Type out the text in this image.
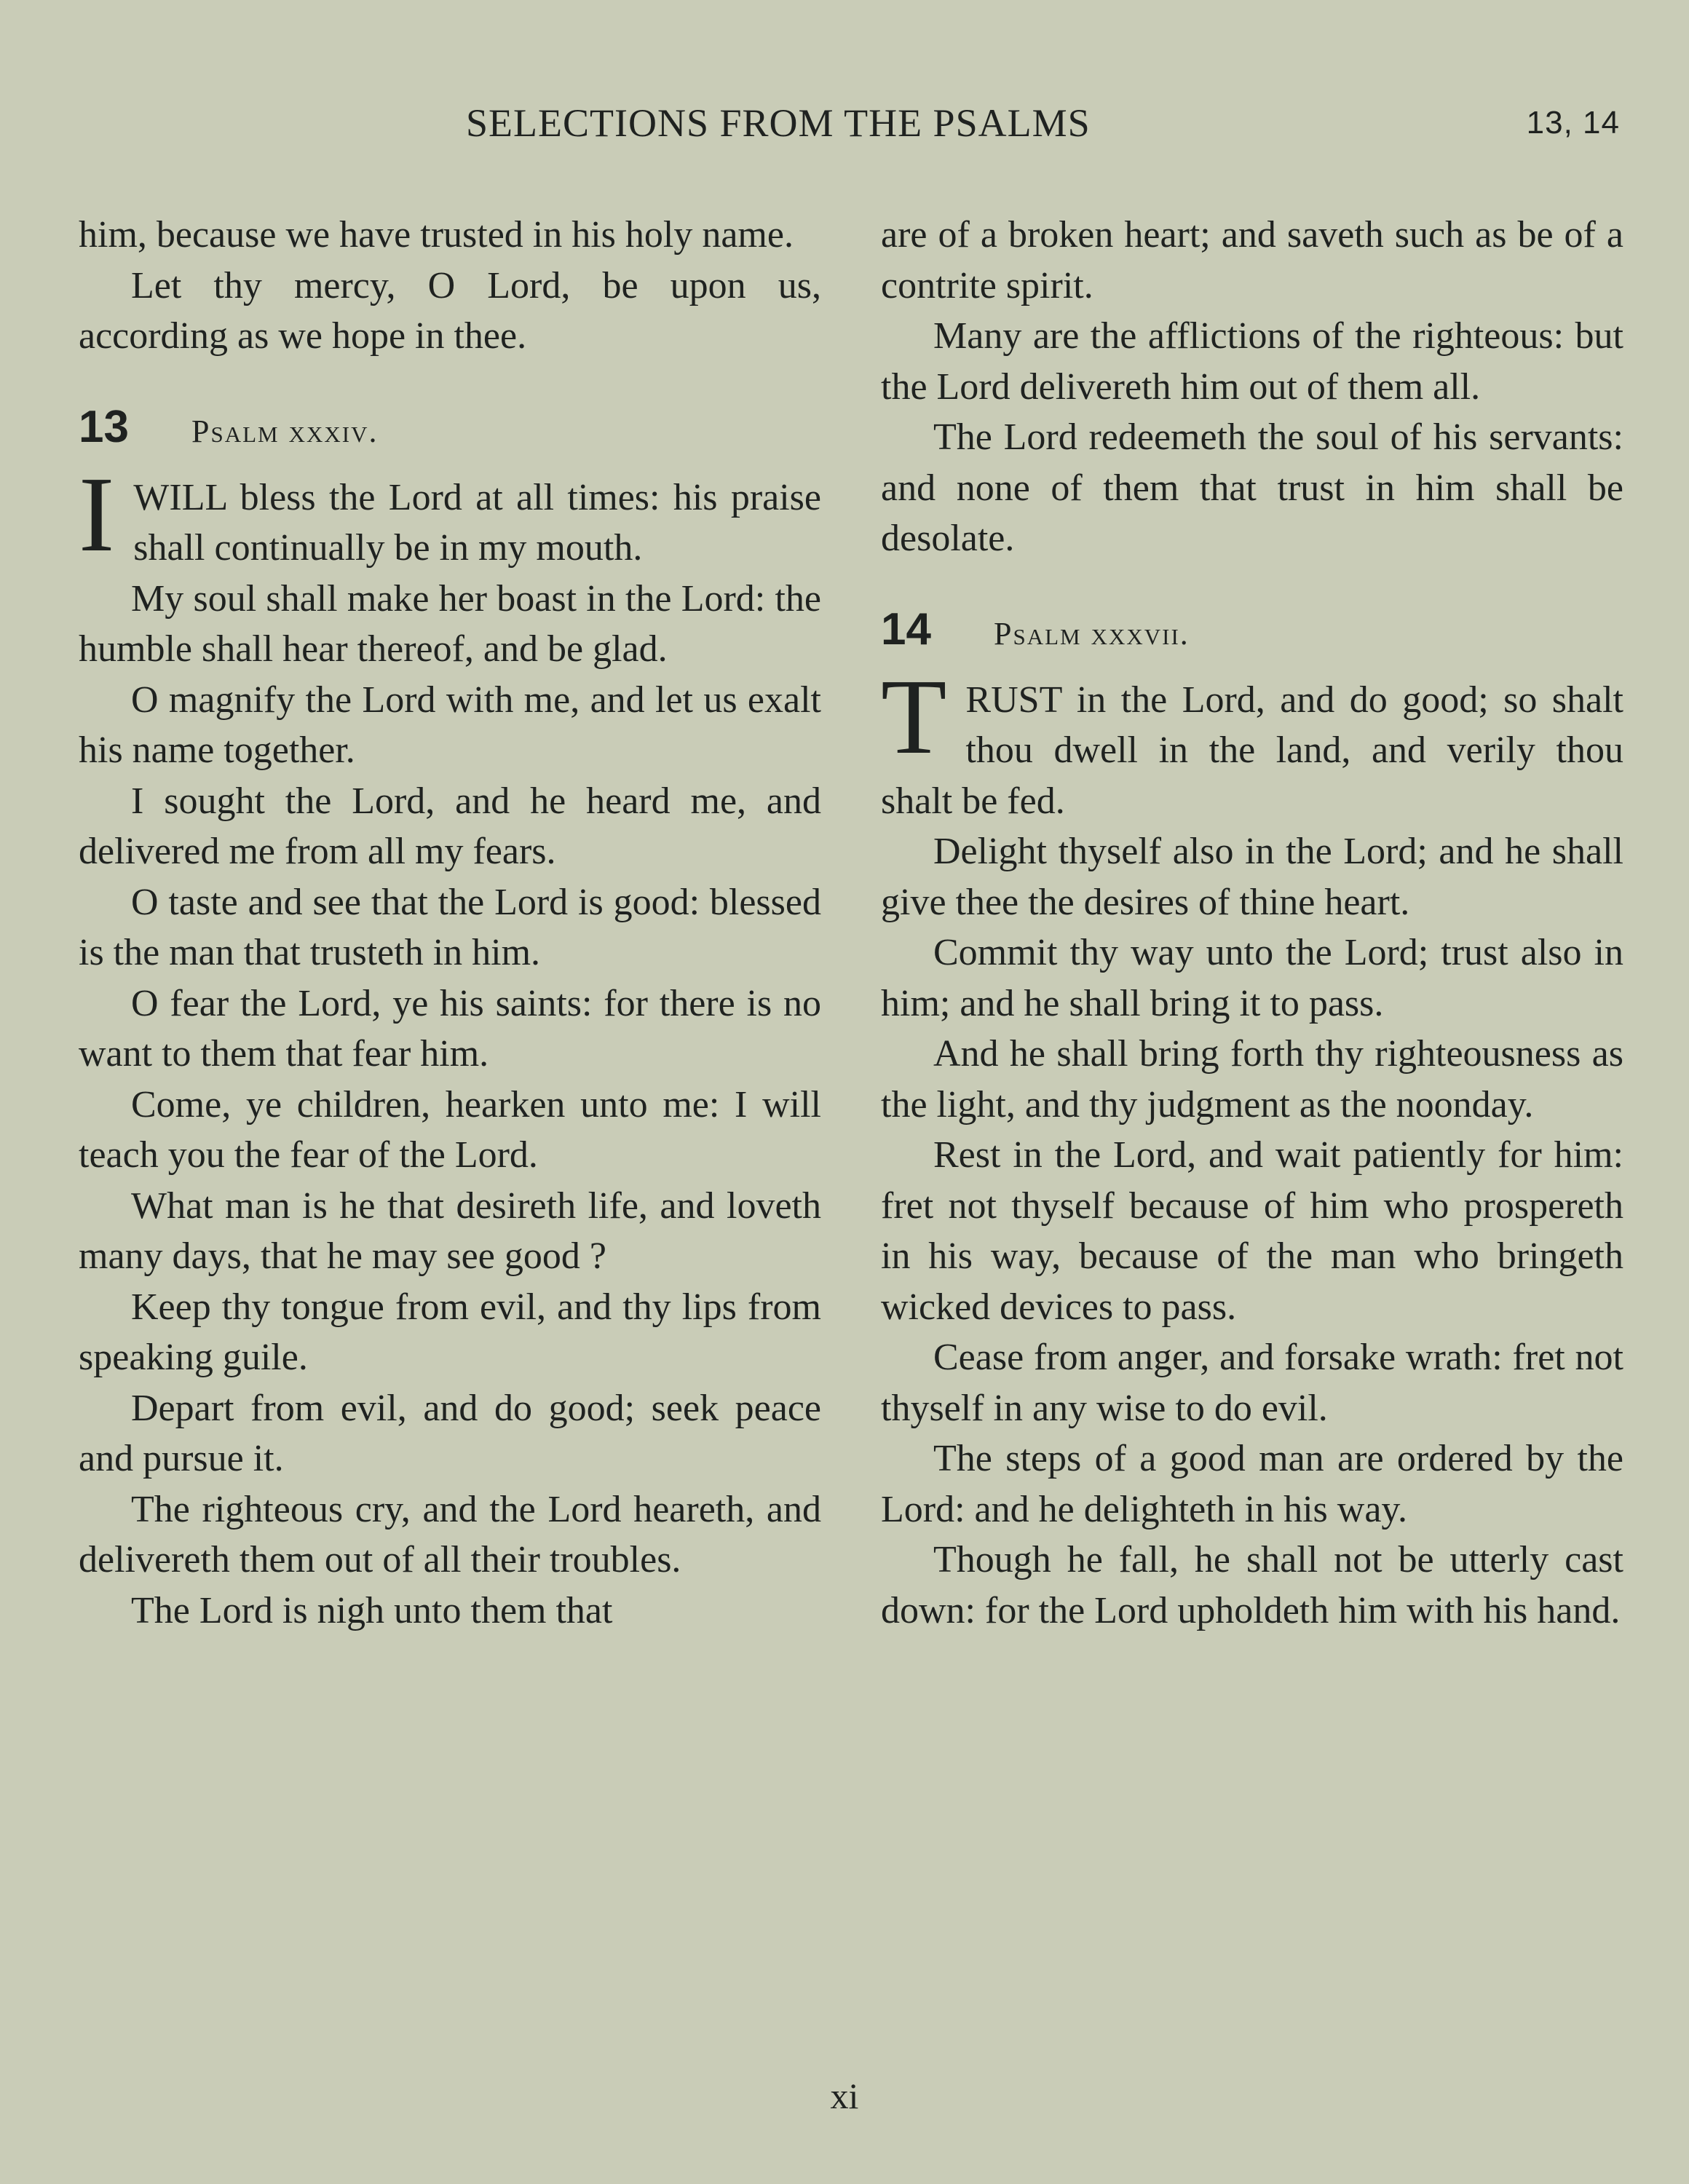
SELECTIONS FROM THE PSALMS	13, 14

him, because we have trusted in his holy name.

Let thy mercy, O Lord, be upon us, according as we hope in thee.

13 Psalm xxxiv.

I WILL bless the Lord at all times: his praise shall continually be in my mouth.

My soul shall make her boast in the Lord: the humble shall hear thereof, and be glad.

O magnify the Lord with me, and let us exalt his name together.

I sought the Lord, and he heard me, and delivered me from all my fears.

O taste and see that the Lord is good: blessed is the man that trusteth in him.

O fear the Lord, ye his saints: for there is no want to them that fear him.

Come, ye children, hearken unto me: I will teach you the fear of the Lord.

What man is he that desireth life, and loveth many days, that he may see good ?

Keep thy tongue from evil, and thy lips from speaking guile.

Depart from evil, and do good; seek peace and pursue it.

The righteous cry, and the Lord heareth, and delivereth them out of all their troubles.

The Lord is nigh unto them that

are of a broken heart; and saveth such as be of a contrite spirit.

Many are the afflictions of the righteous: but the Lord delivereth him out of them all.

The Lord redeemeth the soul of his servants: and none of them that trust in him shall be desolate.

14 Psalm xxxvii.

TRUST in the Lord, and do good; so shalt thou dwell in the land, and verily thou shalt be fed.

Delight thyself also in the Lord; and he shall give thee the desires of thine heart.

Commit thy way unto the Lord; trust also in him; and he shall bring it to pass.

And he shall bring forth thy righteousness as the light, and thy judgment as the noonday.

Rest in the Lord, and wait patiently for him: fret not thyself because of him who prospereth in his way, because of the man who bringeth wicked devices to pass.

Cease from anger, and forsake wrath: fret not thyself in any wise to do evil.

The steps of a good man are ordered by the Lord: and he delighteth in his way.

Though he fall, he shall not be utterly cast down: for the Lord upholdeth him with his hand.

xi
